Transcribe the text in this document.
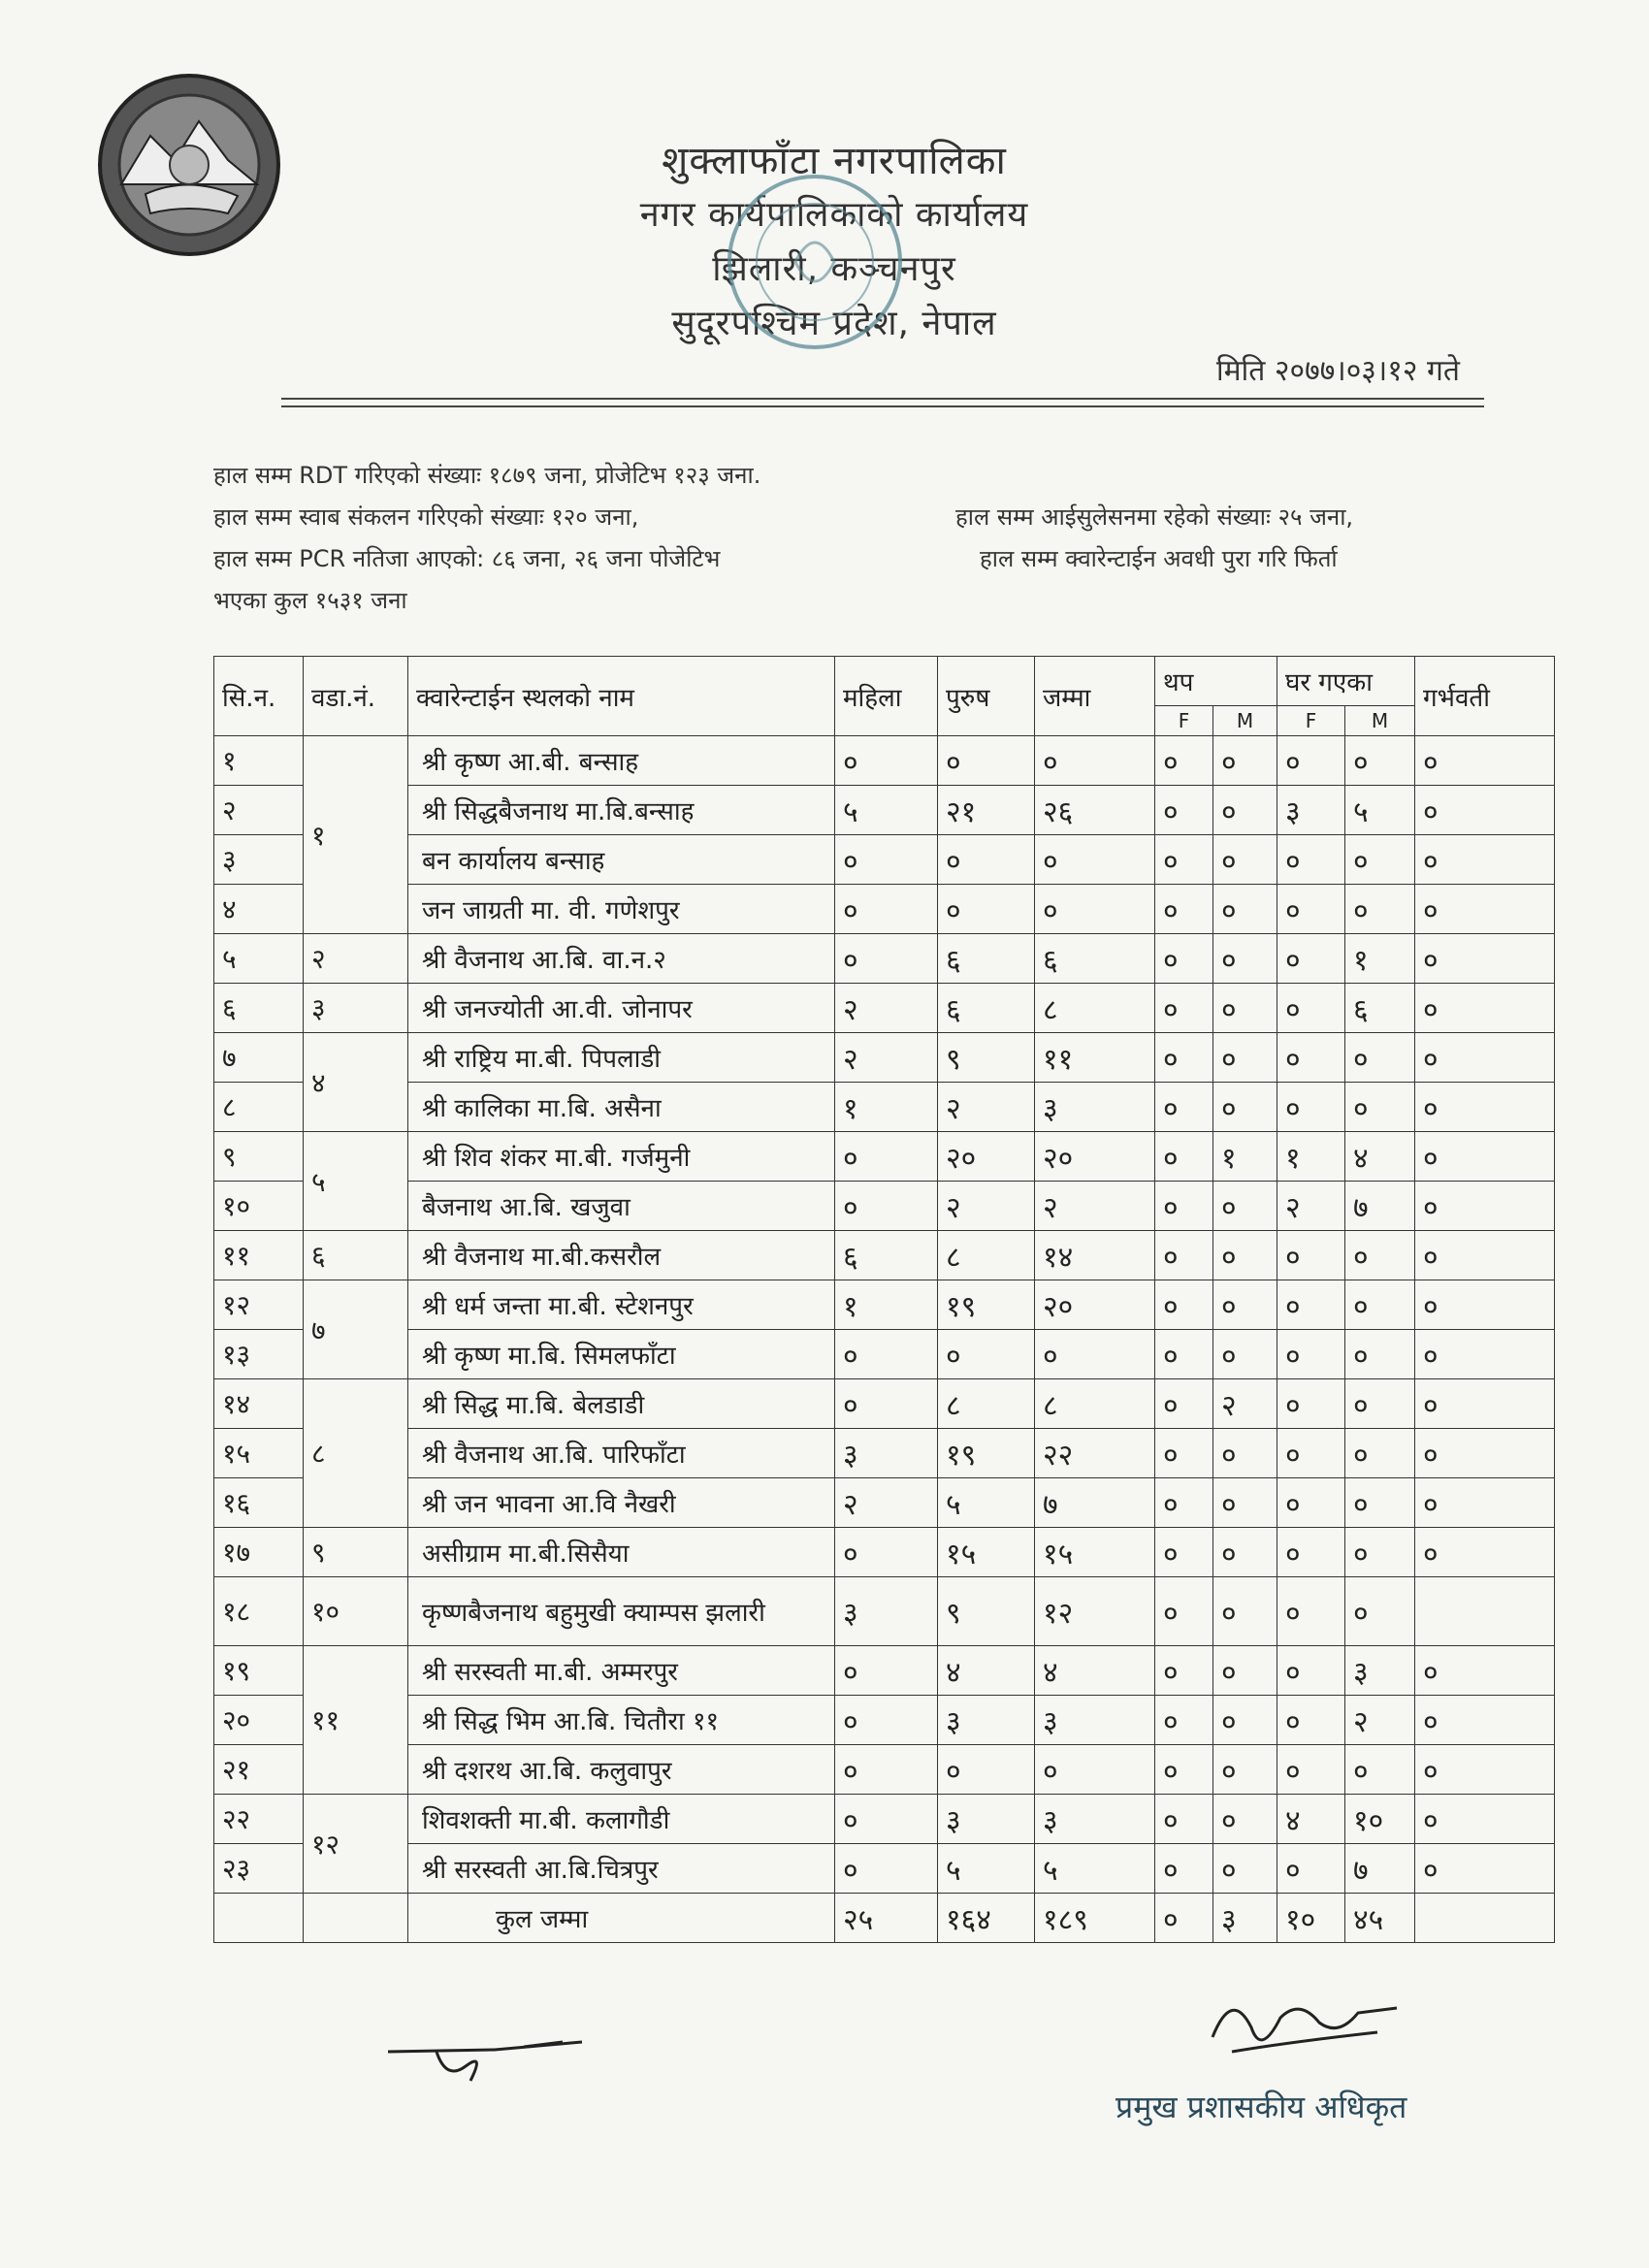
शुक्लाफाँटा नगरपालिका
नगर कार्यपालिकाको कार्यालय
झिलारी, कञ्चनपुर
सुदूरपश्चिम प्रदेश, नेपाल
मिति २०७७।०३।१२ गते
हाल सम्म RDT गरिएको संख्याः १८७९ जना, प्रोजेटिभ १२३ जना.
हाल सम्म स्वाब संकलन गरिएको संख्याः १२० जना,	हाल सम्म आईसुलेसनमा रहेको संख्याः २५ जना,
हाल सम्म PCR नतिजा आएको: ८६ जना, २६ जना पोजेटिभ	हाल सम्म क्वारेन्टाईन अवधी पुरा गरि फिर्ता
भएका कुल १५३१ जना
सि.न.	वडा.नं.	क्वारेन्टाईन स्थलको नाम	महिला	पुरुष	जम्मा	थप		घर गएका		गर्भवती
						F	M	F	M	
१	१	श्री कृष्ण आ.बी. बन्साह	०	०	०	०	०	०	०	०
२		श्री सिद्धबैजनाथ मा.बि.बन्साह	५	२१	२६	०	०	३	५	०
३		बन कार्यालय बन्साह	०	०	०	०	०	०	०	०
४		जन जाग्रती मा. वी. गणेशपुर	०	०	०	०	०	०	०	०
५	२	श्री वैजनाथ आ.बि. वा.न.२	०	६	६	०	०	०	१	०
६	३	श्री जनज्योती आ.वी. जोनापर	२	६	८	०	०	०	६	०
७	४	श्री राष्ट्रिय मा.बी. पिपलाडी	२	९	११	०	०	०	०	०
८		श्री कालिका मा.बि. असैना	१	२	३	०	०	०	०	०
९	५	श्री शिव शंकर मा.बी. गर्जमुनी	०	२०	२०	०	१	१	४	०
१०		बैजनाथ आ.बि. खजुवा	०	२	२	०	०	२	७	०
११	६	श्री वैजनाथ मा.बी.कसरौल	६	८	१४	०	०	०	०	०
१२	७	श्री धर्म जन्ता मा.बी. स्टेशनपुर	१	१९	२०	०	०	०	०	०
१३		श्री कृष्ण मा.बि. सिमलफाँटा	०	०	०	०	०	०	०	०
१४	८	श्री सिद्ध मा.बि. बेलडाडी	०	८	८	०	२	०	०	०
१५		श्री वैजनाथ आ.बि. पारिफाँटा	३	१९	२२	०	०	०	०	०
१६		श्री जन भावना आ.वि नैखरी	२	५	७	०	०	०	०	०
१७	९	असीग्राम मा.बी.सिसैया	०	१५	१५	०	०	०	०	०
१८	१०	कृष्णबैजनाथ बहुमुखी क्याम्पस झलारी	३	९	१२	०	०	०	०	
१९	११	श्री सरस्वती मा.बी. अम्मरपुर	०	४	४	०	०	०	३	०
२०		श्री सिद्ध भिम आ.बि. चितौरा ११	०	३	३	०	०	०	२	०
२१		श्री दशरथ आ.बि. कलुवापुर	०	०	०	०	०	०	०	०
२२	१२	शिवशक्ती मा.बी. कलागौडी	०	३	३	०	०	४	१०	०
२३		श्री सरस्वती आ.बि.चित्रपुर	०	५	५	०	०	०	७	०
		कुल जम्मा	२५	१६४	१८९	०	३	१०	४५	
प्रमुख प्रशासकीय अधिकृत
